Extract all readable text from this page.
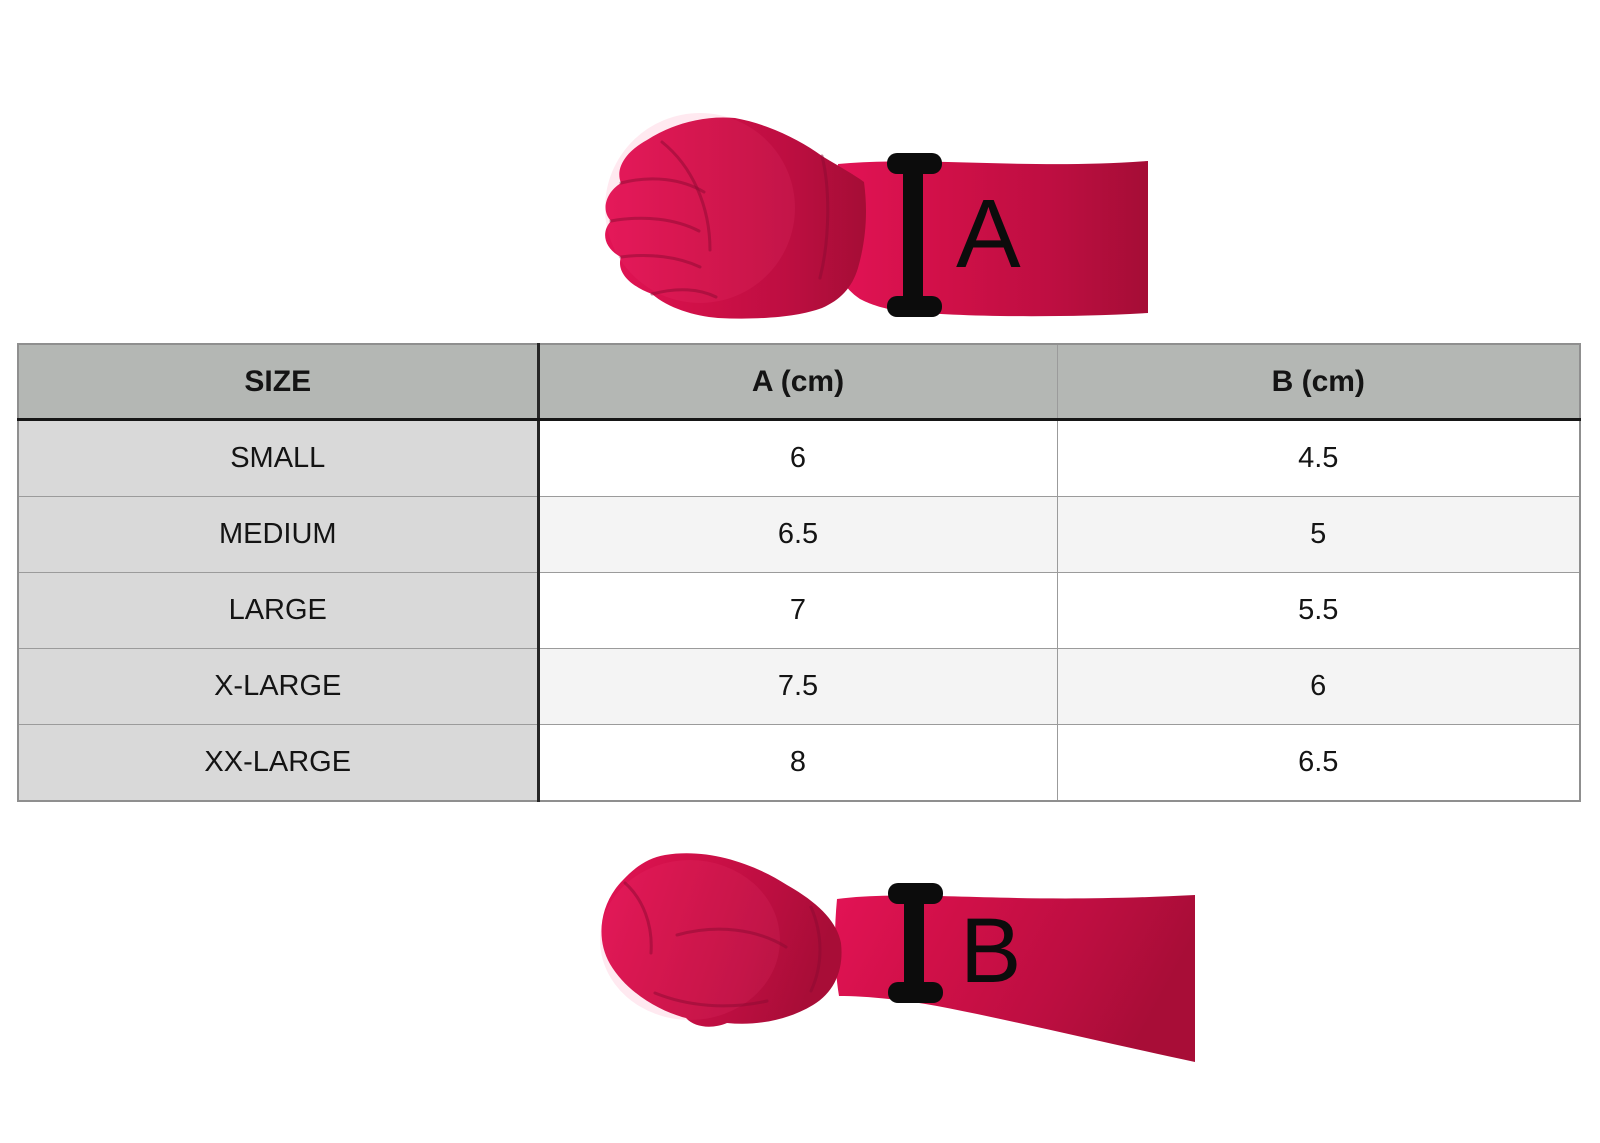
A
SIZE	A (cm)	B (cm)
SMALL	6	4.5
MEDIUM	6.5	5
LARGE	7	5.5
X-LARGE	7.5	6
XX-LARGE	8	6.5
B
